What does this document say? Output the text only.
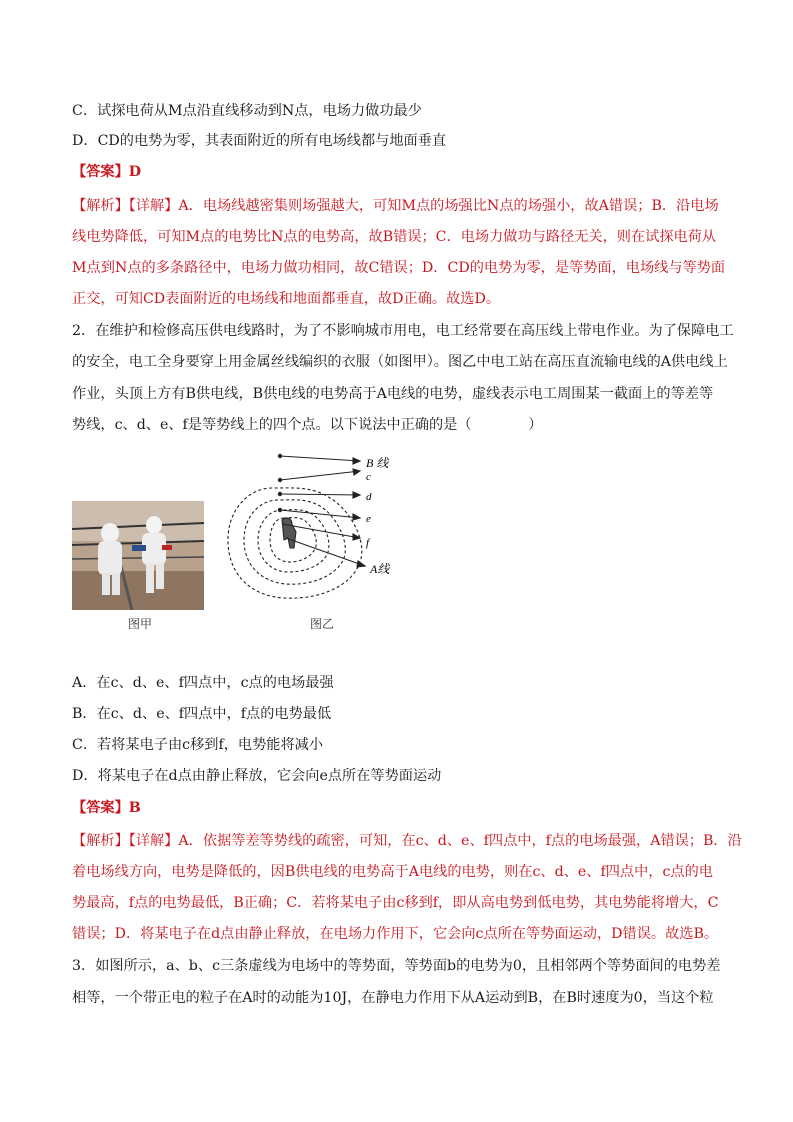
C．试探电荷从M点沿直线移动到N点，电场力做功最少
D．CD的电势为零，其表面附近的所有电场线都与地面垂直
【答案】D
【解析】【详解】A．电场线越密集则场强越大，可知M点的场强比N点的场强小，故A错误；B．沿电场
线电势降低，可知M点的电势比N点的电势高，故B错误；C．电场力做功与路径无关，则在试探电荷从
M点到N点的多条路径中，电场力做功相同，故C错误；D．CD的电势为零，是等势面，电场线与等势面
正交，可知CD表面附近的电场线和地面都垂直，故D正确。故选D。
2．在维护和检修高压供电线路时，为了不影响城市用电，电工经常要在高压线上带电作业。为了保障电工
的安全，电工全身要穿上用金属丝线编织的衣服（如图甲）。图乙中电工站在高压直流输电线的A供电线上
作业，头顶上方有B供电线，B供电线的电势高于A电线的电势，虚线表示电工周围某一截面上的等差等
势线，c、d、e、f是等势线上的四个点。以下说法中正确的是（　　　　）
图甲
B 线
c
d
e
f
A线
图乙
A．在c、d、e、f四点中，c点的电场最强
B．在c、d、e、f四点中，f点的电势最低
C．若将某电子由c移到f，电势能将减小
D．将某电子在d点由静止释放，它会向e点所在等势面运动
【答案】B
【解析】【详解】A．依据等差等势线的疏密，可知，在c、d、e、f四点中，f点的电场最强，A错误；B．沿
着电场线方向，电势是降低的，因B供电线的电势高于A电线的电势，则在c、d、e、f四点中，c点的电
势最高，f点的电势最低，B正确；C．若将某电子由c移到f，即从高电势到低电势，其电势能将增大，C
错误；D．将某电子在d点由静止释放，在电场力作用下，它会向c点所在等势面运动，D错误。故选B。
3．如图所示，a、b、c三条虚线为电场中的等势面，等势面b的电势为0，且相邻两个等势面间的电势差
相等，一个带正电的粒子在A时的动能为10J，在静电力作用下从A运动到B，在B时速度为0，当这个粒
